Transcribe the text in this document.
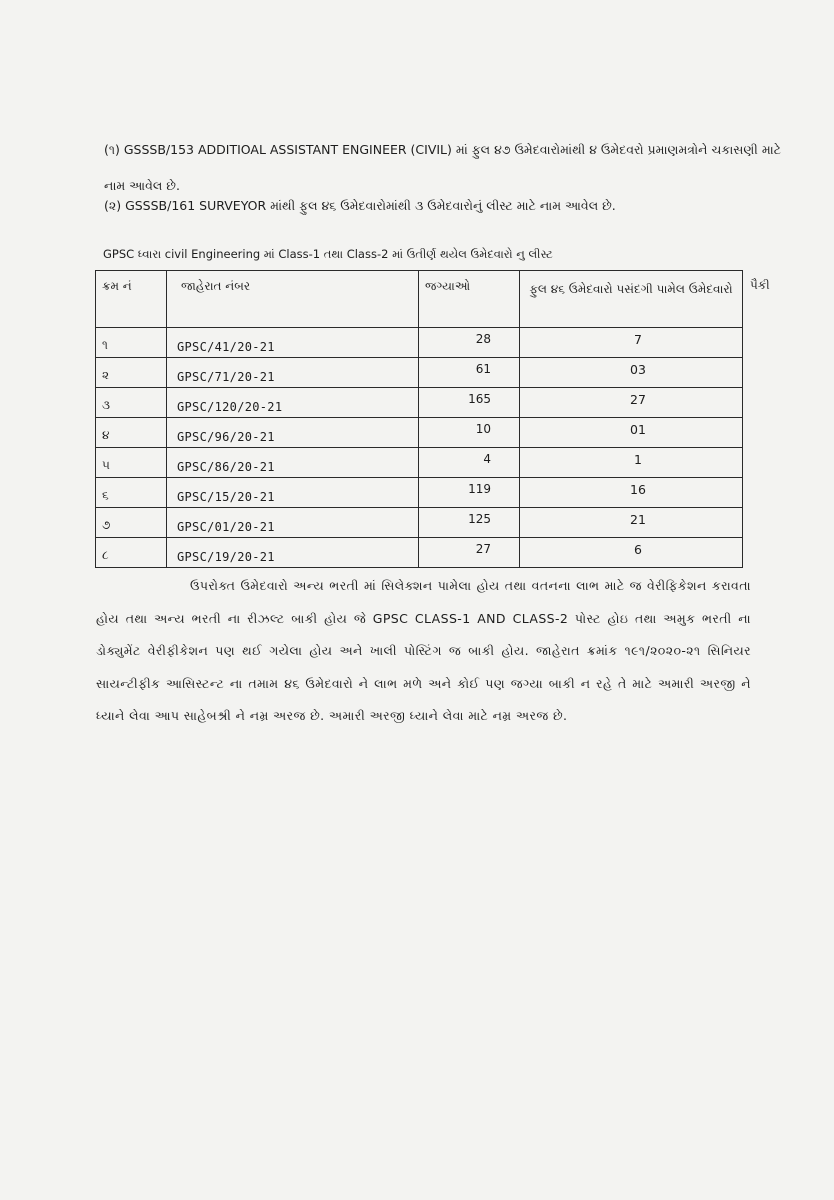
(૧) GSSSB/153 ADDITIOAL ASSISTANT ENGINEER (CIVIL) માં ફુલ ૪૭ ઉમેદવારોમાંથી ૪ ઉમેદવરો પ્રમાણમત્રોને ચકાસણી માટે નામ આવેલ છે.
(૨) GSSSB/161 SURVEYOR માંથી ફુલ ૪૬ ઉમેદવારોમાંથી ૩ ઉમેદવારોનું લીસ્ટ માટે નામ આવેલ છે.
GPSC ધ્વારા civil Engineering માં Class-1 તથા Class-2 માં ઉતીર્ણ થયેલ ઉમેદવારો નુ લીસ્ટ
ક્રમ નં	જાહેરાત નંબર	જગ્યાઓ	ફુલ ૪૬ ઉમેદવારો પસંદગી પામેલ ઉમેદવારો

૧	GPSC/41/20-21	28	7

૨	GPSC/71/20-21	61	03

૩	GPSC/120/20-21	165	27

૪	GPSC/96/20-21	10	01

૫	GPSC/86/20-21	4	1

૬	GPSC/15/20-21	119	16

૭	GPSC/01/20-21	125	21

૮	GPSC/19/20-21	27	6
પૈકી
ઉપરોક્ત ઉમેદવારો અન્ય ભરતી માં સિલેક્શન પામેલા હોય તથા વતનના લાભ માટે જ વેરીફિકેશન કરાવતા હોય તથા અન્ય ભરતી ના રીઝલ્ટ બાકી હોય જે GPSC CLASS-1 AND CLASS-2 પોસ્ટ હોઇ તથા અમુક ભરતી ના ડોક્યુમેંટ વેરીફીકેશન પણ થઈ ગયેલા હોય અને ખાલી પોસ્ટિંગ જ બાકી હોય. જાહેરાત ક્રમાંક ૧૯૧/૨૦૨૦-૨૧ સિનિયર સાયન્ટીફીક આસિસ્ટન્ટ ના તમામ ૪૬ ઉમેદવારો ને લાભ મળે અને કોઈ પણ જગ્યા બાકી ન રહે તે માટે અમારી અરજી ને ધ્યાને લેવા આપ સાહેબશ્રી ને નમ્ર અરજ છે. અમારી અરજી ધ્યાને લેવા માટે નમ્ર અરજ છે.
